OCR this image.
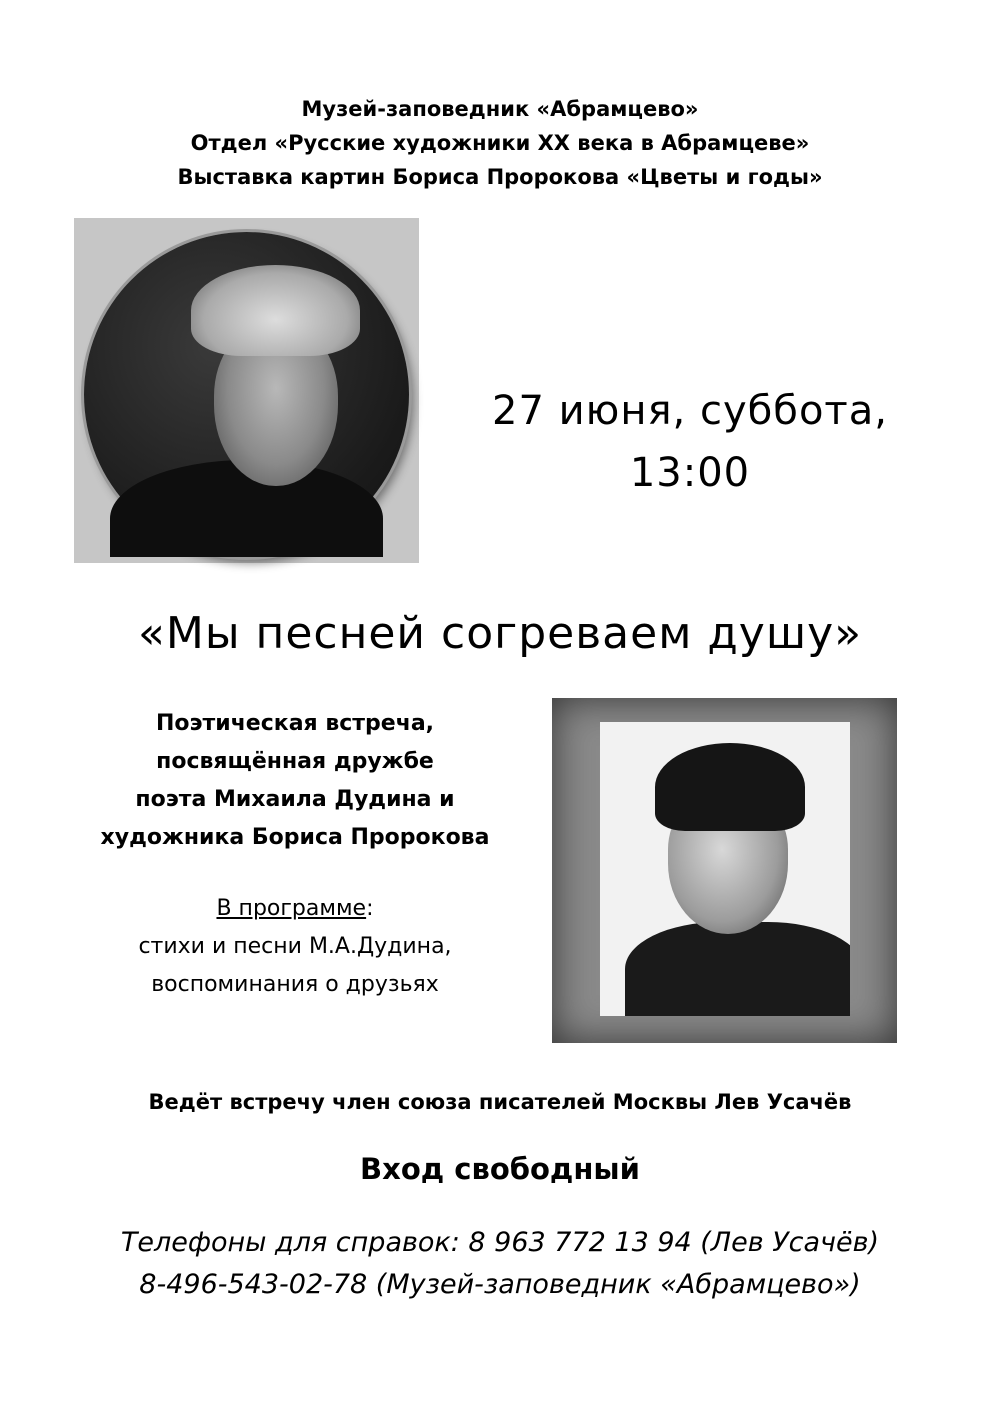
Музей-заповедник «Абрамцево»
Отдел «Русские художники XX века в Абрамцеве»
Выставка картин Бориса Пророкова «Цветы и годы»
27 июня, суббота,
13:00
«Мы песней согреваем душу»
Поэтическая встреча,
посвящённая дружбе
поэта Михаила Дудина и
художника Бориса Пророкова
В программе:
стихи и песни М.А.Дудина,
воспоминания о друзьях
Ведёт встречу член союза писателей Москвы Лев Усачёв
Вход свободный
Телефоны для справок: 8 963 772 13 94 (Лев Усачёв)
8-496-543-02-78 (Музей-заповедник «Абрамцево»)
